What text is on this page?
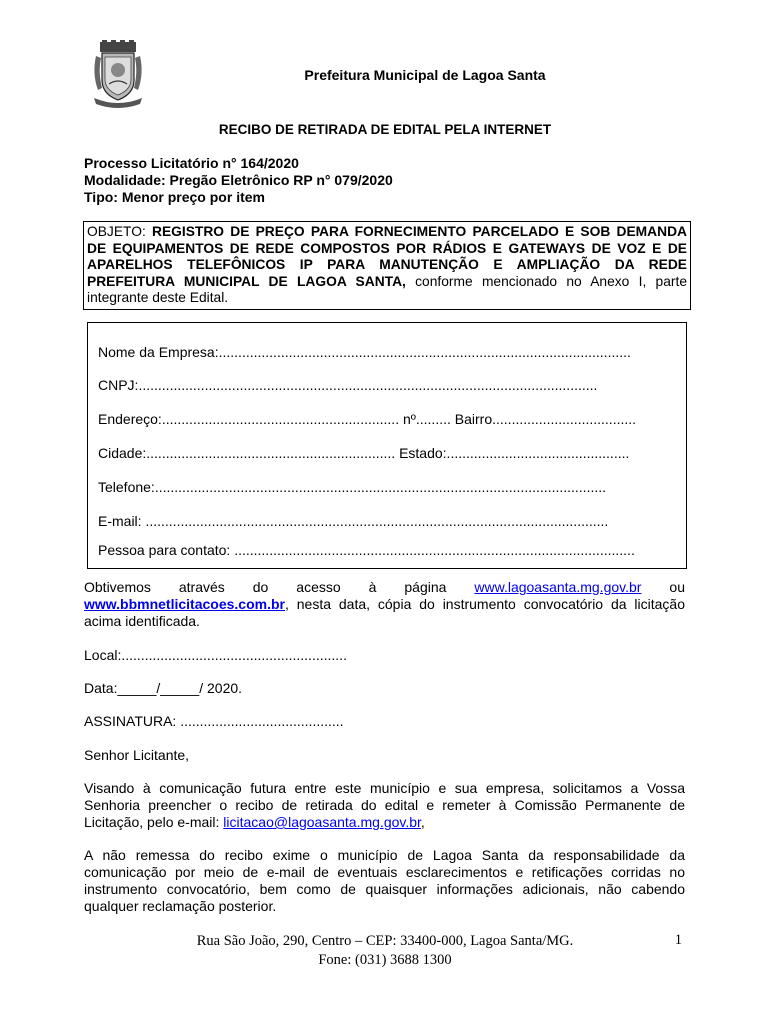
Prefeitura Municipal de Lagoa Santa
RECIBO DE RETIRADA DE EDITAL PELA INTERNET
Processo Licitatório n° 164/2020
Modalidade: Pregão Eletrônico RP n° 079/2020
Tipo: Menor preço por item
OBJETO: REGISTRO DE PREÇO PARA FORNECIMENTO PARCELADO E SOB DEMANDA DE EQUIPAMENTOS DE REDE COMPOSTOS POR RÁDIOS E GATEWAYS DE VOZ E DE APARELHOS TELEFÔNICOS IP PARA MANUTENÇÃO E AMPLIAÇÃO DA REDE PREFEITURA MUNICIPAL DE LAGOA SANTA, conforme mencionado no Anexo I, parte integrante deste Edital.
Nome da Empresa:..........................................................................................................
CNPJ:......................................................................................................................
Endereço:............................................................. nº......... Bairro.....................................
Cidade:................................................................ Estado:...............................................
Telefone:....................................................................................................................
E-mail: .......................................................................................................................
Pessoa para contato: .......................................................................................................
Obtivemos através do acesso à página www.lagoasanta.mg.gov.br ou www.bbmnetlicitacoes.com.br, nesta data, cópia do instrumento convocatório da licitação acima identificada.
Local:..........................................................
Data:_____/_____/ 2020.
ASSINATURA: ..........................................
Senhor Licitante,
Visando à comunicação futura entre este município e sua empresa, solicitamos a Vossa Senhoria preencher o recibo de retirada do edital e remeter à Comissão Permanente de Licitação, pelo e-mail: licitacao@lagoasanta.mg.gov.br,
A não remessa do recibo exime o município de Lagoa Santa da responsabilidade da comunicação por meio de e-mail de eventuais esclarecimentos e retificações corridas no instrumento convocatório, bem como de quaisquer informações adicionais, não cabendo qualquer reclamação posterior.
Rua São João, 290, Centro – CEP: 33400-000, Lagoa Santa/MG.
Fone: (031) 3688 1300
1
